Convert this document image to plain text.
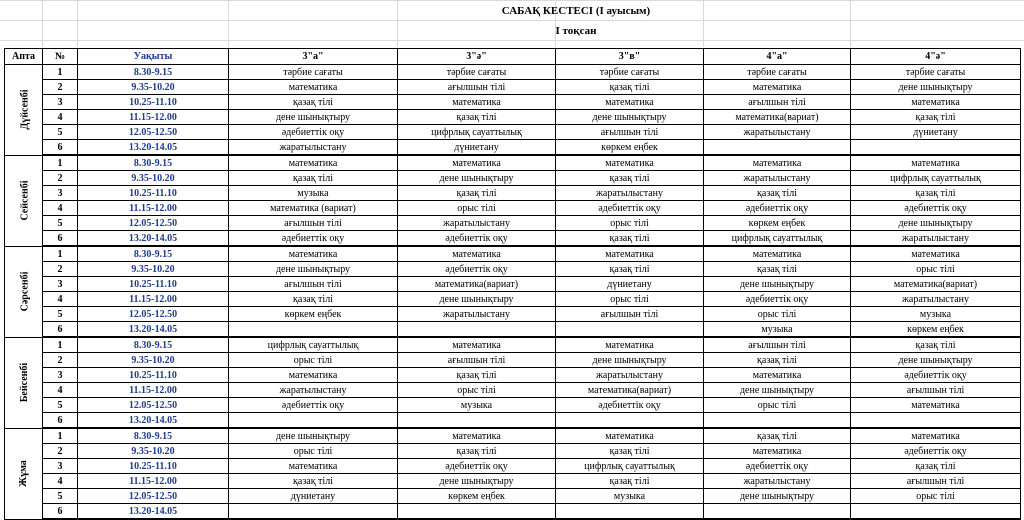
САБАҚ КЕСТЕСІ (І ауысым)
І тоқсан
Апта	№	Уақыты	3"а"	3"ә"	3"в"	4"а"	4"ә"
Дүйсенбі	1	8.30-9.15	тәрбие сағаты	тәрбие сағаты	тәрбие сағаты	тәрбие сағаты	тәрбие сағаты
	2	9.35-10.20	математика	ағылшын тілі	қазақ тілі	математика	дене шынықтыру
	3	10.25-11.10	қазақ тілі	математика	математика	ағылшын тілі	математика
	4	11.15-12.00	дене шынықтыру	қазақ тілі	дене шынықтыру	математика(вариат)	қазақ тілі
	5	12.05-12.50	әдебиеттік оқу	цифрлық сауаттылық	ағылшын тілі	жаратылыстану	дүниетану
	6	13.20-14.05	жаратылыстану	дүниетану	көркем еңбек		
Сейсенбі	1	8.30-9.15	математика	математика	математика	математика	математика
	2	9.35-10.20	қазақ тілі	дене шынықтыру	қазақ тілі	жаратылыстану	цифрлық сауаттылық
	3	10.25-11.10	музыка	қазақ тілі	жаратылыстану	қазақ тілі	қазақ тілі
	4	11.15-12.00	математика (вариат)	орыс тілі	әдебиеттік оқу	әдебиеттік оқу	әдебиеттік оқу
	5	12.05-12.50	ағылшын тілі	жаратылыстану	орыс тілі	көркем еңбек	дене шынықтыру
	6	13.20-14.05	әдебиеттік оқу	әдебиеттік оқу	қазақ тілі	цифрлық сауаттылық	жаратылыстану
Сәрсенбі	1	8.30-9.15	математика	математика	математика	математика	математика
	2	9.35-10.20	дене шынықтыру	әдебиеттік оқу	қазақ тілі	қазақ тілі	орыс тілі
	3	10.25-11.10	ағылшын тілі	математика(вариат)	дүниетану	дене шынықтыру	математика(вариат)
	4	11.15-12.00	қазақ тілі	дене шынықтыру	орыс тілі	әдебиеттік оқу	жаратылыстану
	5	12.05-12.50	көркем еңбек	жаратылыстану	ағылшын тілі	орыс тілі	музыка
	6	13.20-14.05				музыка	көркем еңбек
Бейсенбі	1	8.30-9.15	цифрлық сауаттылық	математика	математика	ағылшын тілі	қазақ тілі
	2	9.35-10.20	орыс тілі	ағылшын тілі	дене шынықтыру	қазақ тілі	дене шынықтыру
	3	10.25-11.10	математика	қазақ тілі	жаратылыстану	математика	әдебиеттік оқу
	4	11.15-12.00	жаратылыстану	орыс тілі	математика(вариат)	дене шынықтыру	ағылшын тілі
	5	12.05-12.50	әдебиеттік оқу	музыка	әдебиеттік оқу	орыс тілі	математика
	6	13.20-14.05					
Жұма	1	8.30-9.15	дене шынықтыру	математика	математика	қазақ тілі	математика
	2	9.35-10.20	орыс тілі	қазақ тілі	қазақ тілі	математика	әдебиеттік оқу
	3	10.25-11.10	математика	әдебиеттік оқу	цифрлық сауаттылық	әдебиеттік оқу	қазақ тілі
	4	11.15-12.00	қазақ тілі	дене шынықтыру	қазақ тілі	жаратылыстану	ағылшын тілі
	5	12.05-12.50	дүниетану	көркем еңбек	музыка	дене шынықтыру	орыс тілі
	6	13.20-14.05					
